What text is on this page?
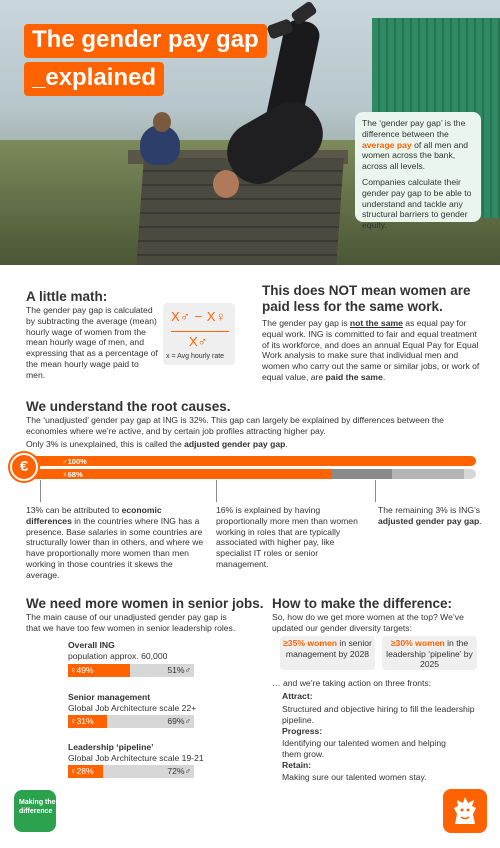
The gender pay gap
_explained

The ‘gender pay gap’ is the difference between the average pay of all men and women across the bank, across all levels.

Companies calculate their gender pay gap to be able to understand and tackle any structural barriers to gender equity.

A little math:
The gender pay gap is calculated by subtracting the average (mean) hourly wage of women from the mean hourly wage of men, and expressing that as a percentage of the mean hourly wage paid to men.
X♂ − X♀
X♂
x = Avg hourly rate
This does NOT mean women are paid less for the same work.
The gender pay gap is not the same as equal pay for equal work. ING is committed to fair and equal treatment of its workforce, and does an annual Equal Pay for Equal Work analysis to make sure that individual men and women who carry out the same or similar jobs, or work of equal value, are paid the same.
We understand the root causes.
The ‘unadjusted’ gender pay gap at ING is 32%. This gap can largely be explained by differences between the economies where we’re active, and by certain job profiles attracting higher pay.
Only 3% is unexplained, this is called the adjusted gender pay gap.
♂100%
♀68%
€
13% can be attributed to economic differences in the countries where ING has a presence. Base salaries in some countries are structurally lower than in others, and where we have proportionally more women than men working in those countries it skews the average.
16% is explained by having proportionally more men than women working in roles that are typically associated with higher pay, like specialist IT roles or senior management.
The remaining 3% is ING’s adjusted gender pay gap.
We need more women in senior jobs.
The main cause of our unadjusted gender pay gap is that we have too few women in senior leadership roles.
Overall ING
population approx. 60,000
♀49%	51%♂
Senior management
Global Job Architecture scale 22+
♀31%	69%♂
Leadership ‘pipeline’
Global Job Architecture scale 19-21
♀28%	72%♂
How to make the difference:
So, how do we get more women at the top? We’ve updated our gender diversity targets:
≥35% women in senior management by 2028
≥30% women in the leadership ‘pipeline’ by 2025
… and we’re taking action on three fronts:
Attract:
Structured and objective hiring to fill the leadership pipeline.
Progress:
Identifying our talented women and helping them grow.
Retain:
Making sure our talented women stay.
Making the difference
